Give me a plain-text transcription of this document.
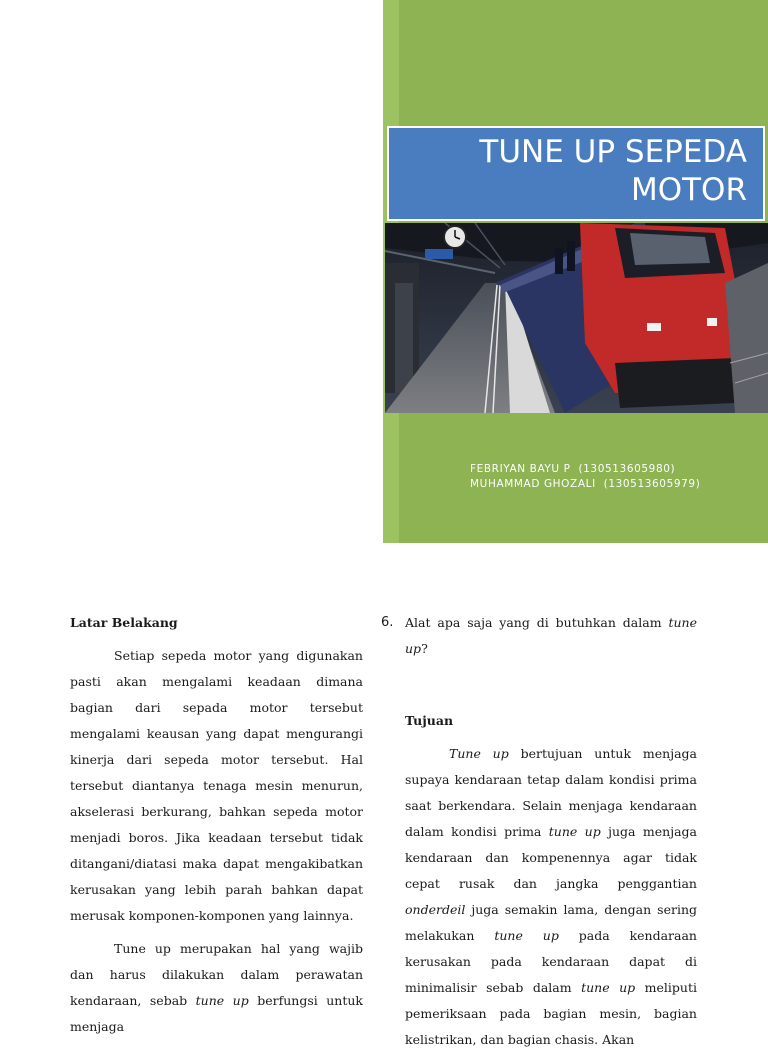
TUNE UP SEPEDA
MOTOR
FEBRIYAN BAYU P  (130513605980)
MUHAMMAD GHOZALI  (130513605979)

Latar Belakang

Setiap sepeda motor yang digunakan pasti akan mengalami keadaan dimana bagian dari sepada motor tersebut mengalami keausan yang dapat mengurangi kinerja dari sepeda motor tersebut. Hal tersebut diantanya tenaga mesin menurun, akselerasi berkurang, bahkan sepeda motor menjadi boros. Jika keadaan tersebut tidak ditangani/diatasi maka dapat mengakibatkan kerusakan yang lebih parah bahkan dapat merusak komponen-komponen yang lainnya.

Tune up merupakan hal yang wajib dan harus dilakukan dalam perawatan kendaraan, sebab tune up berfungsi untuk menjaga

6. Alat apa saja yang di butuhkan dalam tune up?

Tujuan

Tune up bertujuan untuk menjaga supaya kendaraan tetap dalam kondisi prima saat berkendara. Selain menjaga kendaraan dalam kondisi prima tune up juga menjaga kendaraan dan kompenennya agar tidak cepat rusak dan jangka penggantian onderdeil juga semakin lama, dengan sering melakukan tune up pada kendaraan kerusakan pada kendaraan dapat di minimalisir sebab dalam tune up meliputi pemeriksaan pada bagian mesin, bagian kelistrikan, dan bagian chasis. Akan
